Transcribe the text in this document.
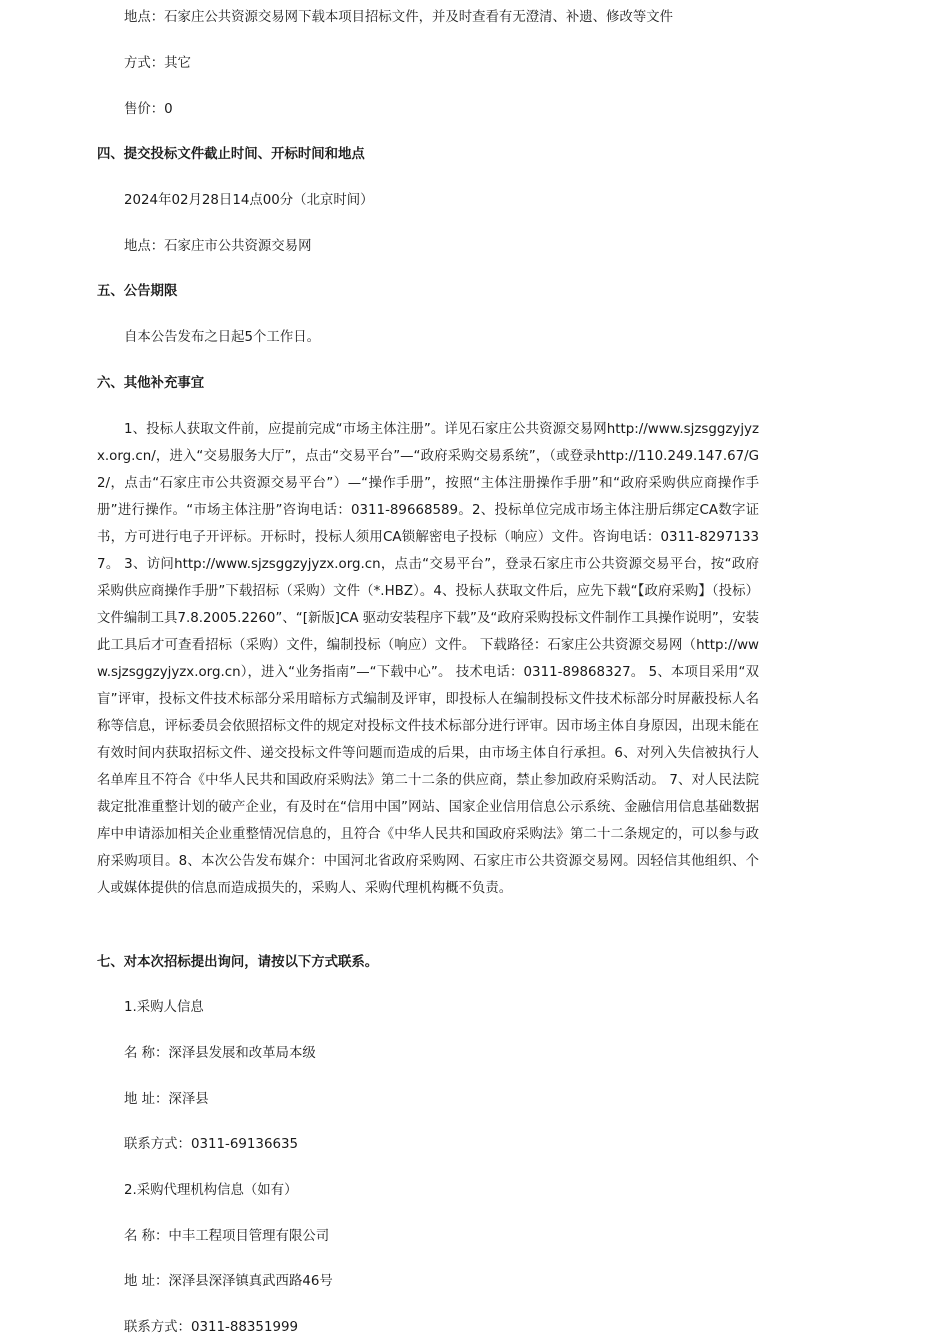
地点：石家庄公共资源交易网下载本项目招标文件，并及时查看有无澄清、补遗、修改等文件
方式：其它
售价：0
四、提交投标文件截止时间、开标时间和地点
2024年02月28日14点00分（北京时间）
地点：石家庄市公共资源交易网
五、公告期限
自本公告发布之日起5个工作日。
六、其他补充事宜
1、投标人获取文件前，应提前完成“市场主体注册”。详见石家庄公共资源交易网http://www.sjzsggzyjyzx.org.cn/，进入“交易服务大厅”，点击“交易平台”—“政府采购交易系统”，（或登录http://110.249.147.67/G2/，点击“石家庄市公共资源交易平台”）—“操作手册”，按照“主体注册操作手册”和“政府采购供应商操作手册”进行操作。“市场主体注册”咨询电话：0311-89668589。2、投标单位完成市场主体注册后绑定CA数字证书，方可进行电子开评标。开标时，投标人须用CA锁解密电子投标（响应）文件。咨询电话：0311-82971337。 3、访问http://www.sjzsggzyjyzx.org.cn，点击“交易平台”，登录石家庄市公共资源交易平台，按“政府采购供应商操作手册”下载招标（采购）文件（*.HBZ）。4、投标人获取文件后，应先下载“【政府采购】（投标）文件编制工具7.8.2005.2260”、“[新版]CA 驱动安装程序下载”及“政府采购投标文件制作工具操作说明”，安装此工具后才可查看招标（采购）文件，编制投标（响应）文件。 下载路径：石家庄公共资源交易网（http://www.sjzsggzyjyzx.org.cn），进入“业务指南”—“下载中心”。 技术电话：0311-89868327。 5、本项目采用“双盲”评审，投标文件技术标部分采用暗标方式编制及评审，即投标人在编制投标文件技术标部分时屏蔽投标人名称等信息，评标委员会依照招标文件的规定对投标文件技术标部分进行评审。因市场主体自身原因，出现未能在有效时间内获取招标文件、递交投标文件等问题而造成的后果，由市场主体自行承担。6、对列入失信被执行人名单库且不符合《中华人民共和国政府采购法》第二十二条的供应商，禁止参加政府采购活动。 7、对人民法院裁定批准重整计划的破产企业，有及时在“信用中国”网站、国家企业信用信息公示系统、金融信用信息基础数据库中申请添加相关企业重整情况信息的，且符合《中华人民共和国政府采购法》第二十二条规定的，可以参与政府采购项目。8、本次公告发布媒介：中国河北省政府采购网、石家庄市公共资源交易网。因轻信其他组织、个人或媒体提供的信息而造成损失的，采购人、采购代理机构概不负责。
七、对本次招标提出询问，请按以下方式联系。
1.采购人信息
名 称：深泽县发展和改革局本级
地 址：深泽县
联系方式：0311-69136635
2.采购代理机构信息（如有）
名 称：中丰工程项目管理有限公司
地 址：深泽县深泽镇真武西路46号
联系方式：0311-88351999
